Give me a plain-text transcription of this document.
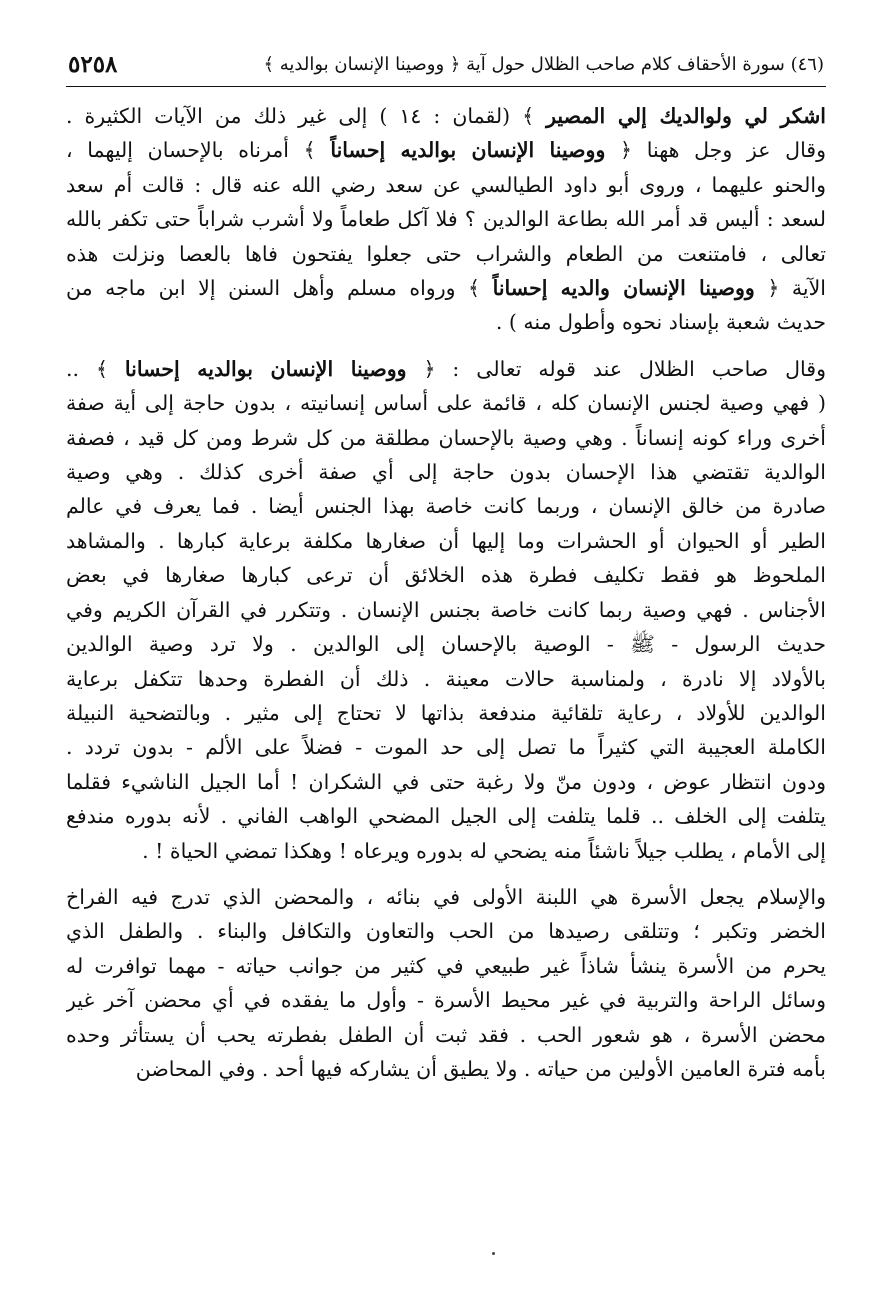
(٤٦) سورة الأحقاف كلام صاحب الظلال حول آية ﴿ ووصينا الإنسان بوالديه ﴾
٥٢٥٨

اشكر لي ولوالديك إلي المصير ﴾ (لقمان : ١٤ ) إلى غير ذلك من الآيات الكثيرة .
وقال عز وجل ههنا ﴿ ووصينا الإنسان بوالديه إحساناً ﴾ أمرناه بالإحسان إليهما ،
والحنو عليهما ، وروى أبو داود الطيالسي عن سعد رضي الله عنه قال : قالت أم سعد
لسعد : أليس قد أمر الله بطاعة الوالدين ؟ فلا آكل طعاماً ولا أشرب شراباً حتى تكفر بالله
تعالى ، فامتنعت من الطعام والشراب حتى جعلوا يفتحون فاها بالعصا ونزلت هذه
الآية ﴿ ووصينا الإنسان والديه إحساناً ﴾ ورواه مسلم وأهل السنن إلا ابن ماجه من
حديث شعبة بإسناد نحوه وأطول منه ) .

وقال صاحب الظلال عند قوله تعالى : ﴿ ووصينا الإنسان بوالديه إحسانا ﴾ ..
( فهي وصية لجنس الإنسان كله ، قائمة على أساس إنسانيته ، بدون حاجة إلى أية صفة
أخرى وراء كونه إنساناً . وهي وصية بالإحسان مطلقة من كل شرط ومن كل قيد ، فصفة
الوالدية تقتضي هذا الإحسان بدون حاجة إلى أي صفة أخرى كذلك . وهي وصية
صادرة من خالق الإنسان ، وربما كانت خاصة بهذا الجنس أيضا . فما يعرف في عالم
الطير أو الحيوان أو الحشرات وما إليها أن صغارها مكلفة برعاية كبارها . والمشاهد
الملحوظ هو فقط تكليف فطرة هذه الخلائق أن ترعى كبارها صغارها في بعض
الأجناس . فهي وصية ربما كانت خاصة بجنس الإنسان . وتتكرر في القرآن الكريم وفي
حديث الرسول - ﷺ - الوصية بالإحسان إلى الوالدين . ولا ترد وصية الوالدين
بالأولاد إلا نادرة ، ولمناسبة حالات معينة . ذلك أن الفطرة وحدها تتكفل برعاية
الوالدين للأولاد ، رعاية تلقائية مندفعة بذاتها لا تحتاج إلى مثير . وبالتضحية النبيلة
الكاملة العجيبة التي كثيراً ما تصل إلى حد الموت - فضلاً على الألم - بدون تردد .
ودون انتظار عوض ، ودون منّ ولا رغبة حتى في الشكران ! أما الجيل الناشيء فقلما
يتلفت إلى الخلف .. قلما يتلفت إلى الجيل المضحي الواهب الفاني . لأنه بدوره مندفع
إلى الأمام ، يطلب جيلاً ناشئاً منه يضحي له بدوره ويرعاه ! وهكذا تمضي الحياة ! .

والإسلام يجعل الأسرة هي اللبنة الأولى في بنائه ، والمحضن الذي تدرج فيه الفراخ
الخضر وتكبر ؛ وتتلقى رصيدها من الحب والتعاون والتكافل والبناء . والطفل الذي
يحرم من الأسرة ينشأ شاذاً غير طبيعي في كثير من جوانب حياته - مهما توافرت له
وسائل الراحة والتربية في غير محيط الأسرة - وأول ما يفقده في أي محضن آخر غير
محضن الأسرة ، هو شعور الحب . فقد ثبت أن الطفل بفطرته يحب أن يستأثر وحده
بأمه فترة العامين الأولين من حياته . ولا يطيق أن يشاركه فيها أحد . وفي المحاضن
